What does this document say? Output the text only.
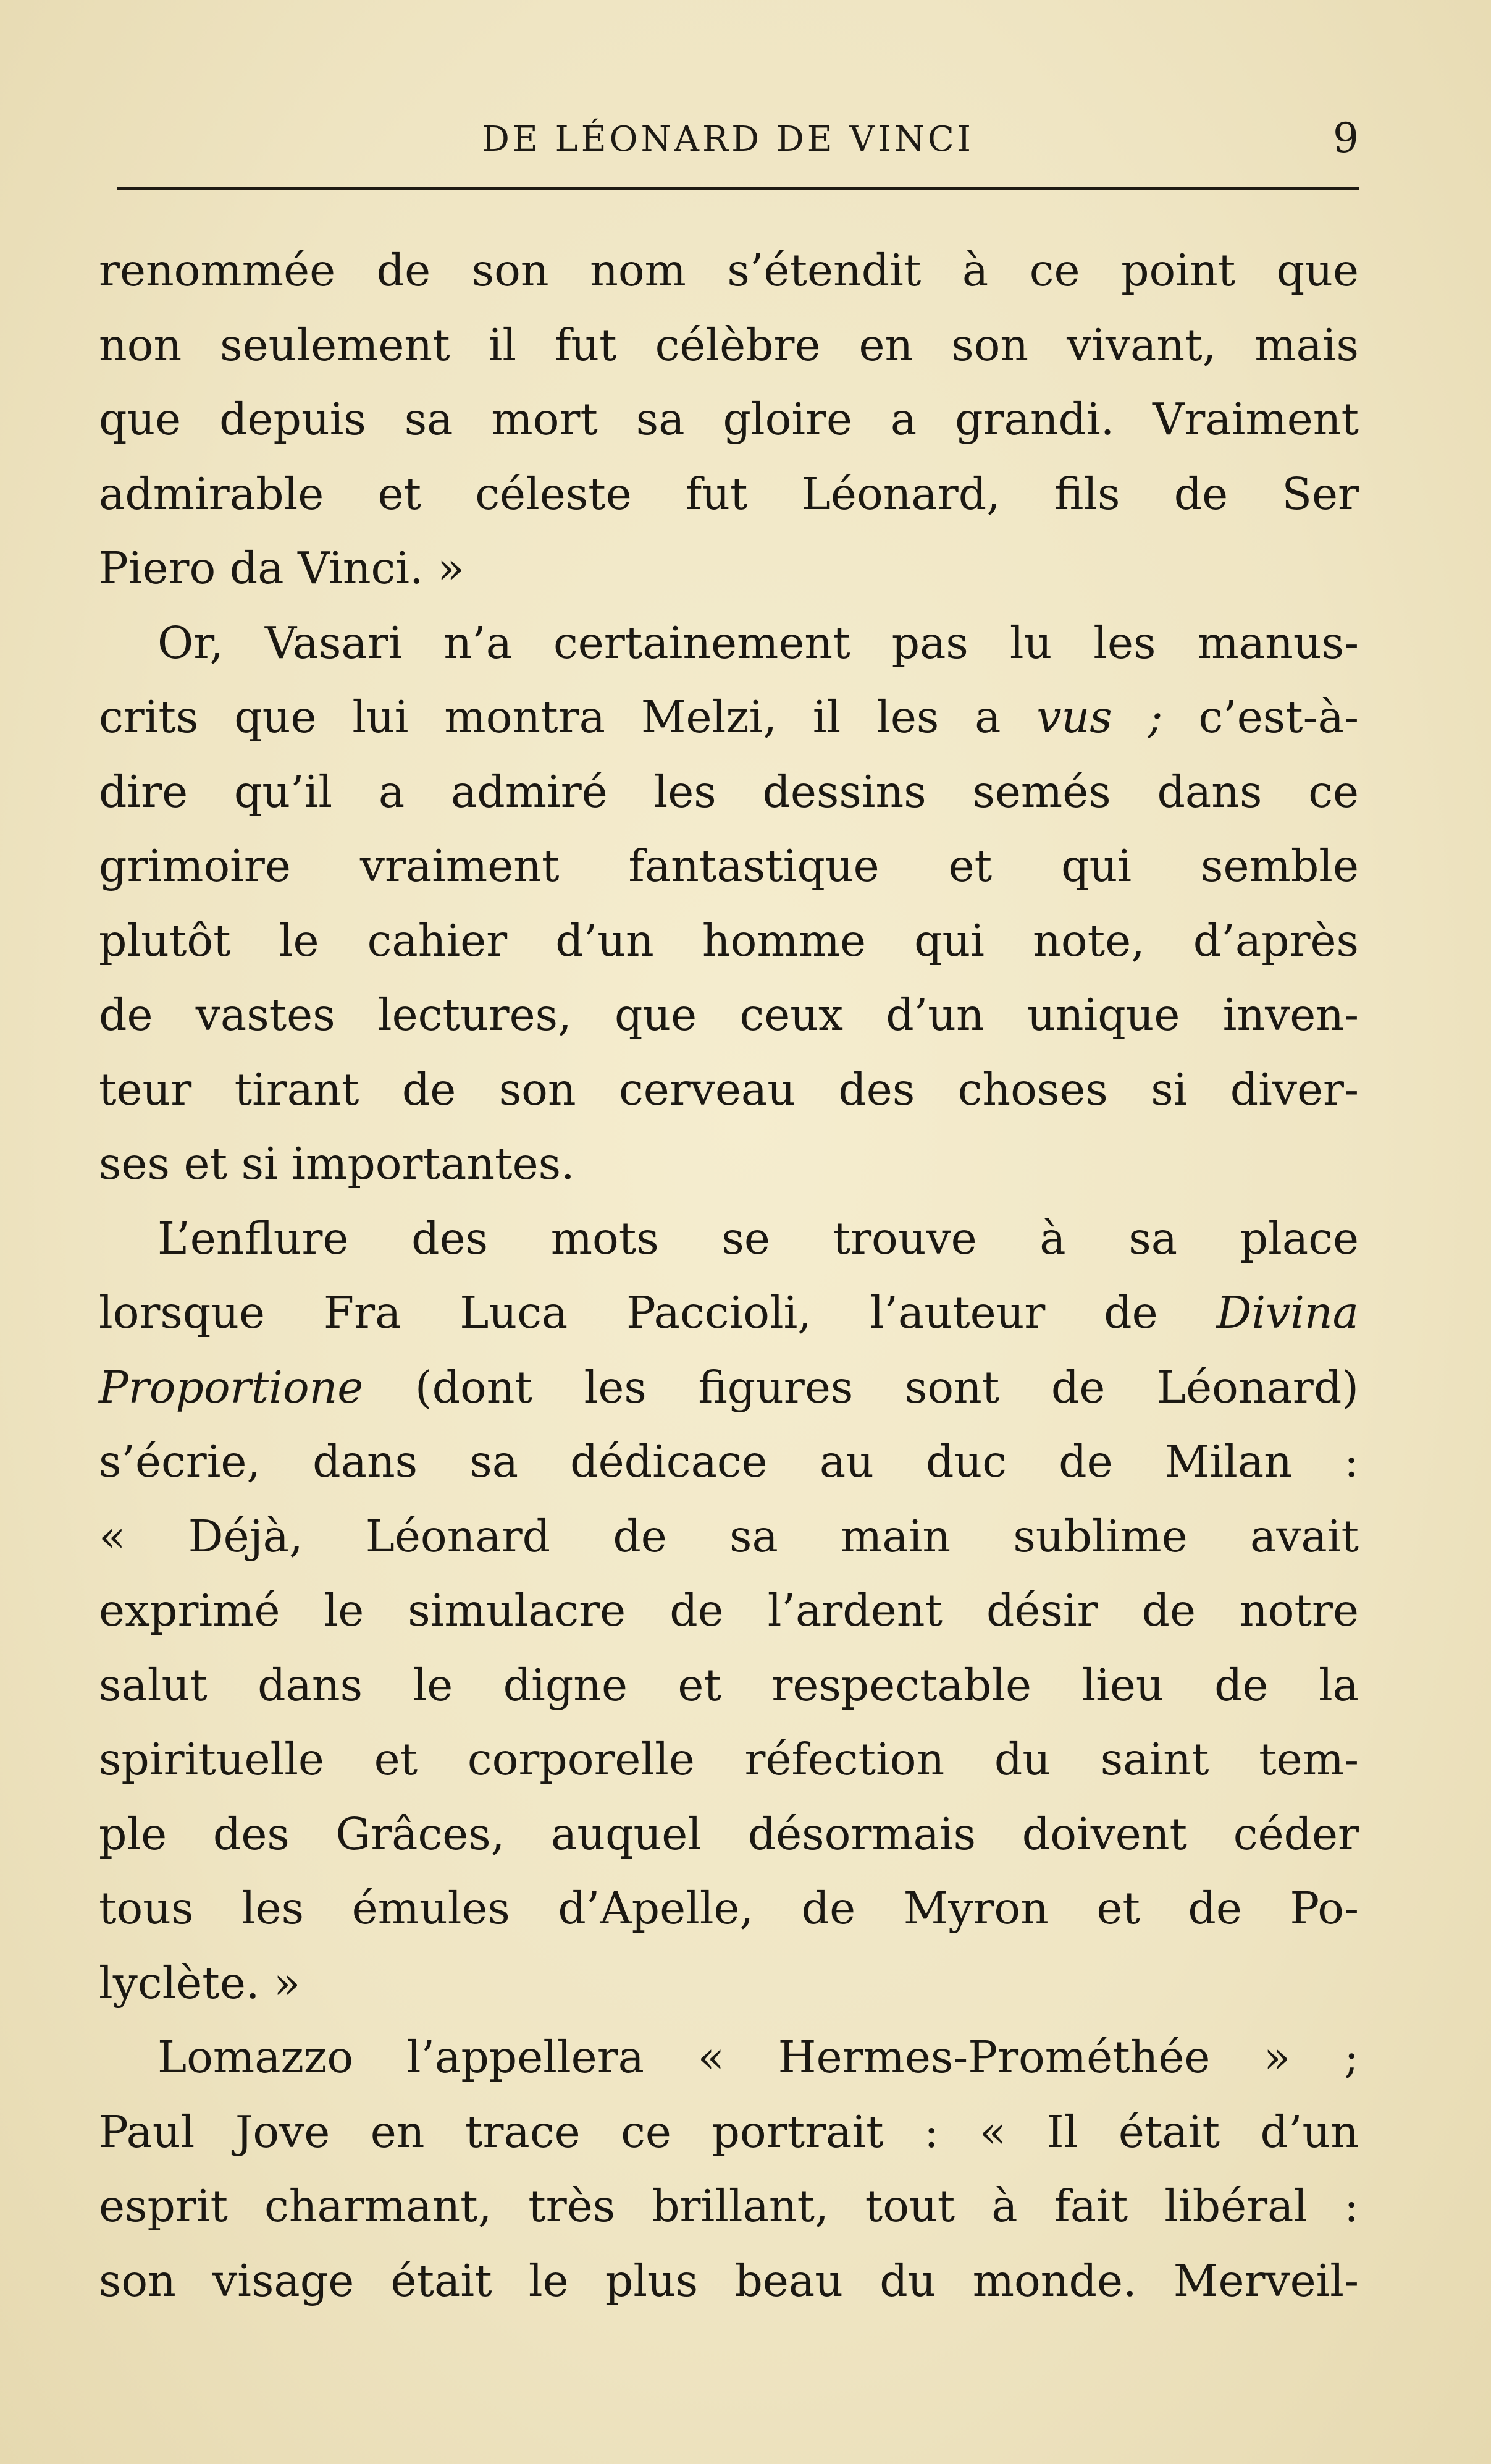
DE LÉONARD DE VINCI	9
renommée de son nom s’étendit à ce point que
non seulement il fut célèbre en son vivant, mais
que depuis sa mort sa gloire a grandi. Vraiment
admirable et céleste fut Léonard, fils de Ser
Piero da Vinci. »
Or, Vasari n’a certainement pas lu les manus-
crits que lui montra Melzi, il les a vus ; c’est-à-
dire qu’il a admiré les dessins semés dans ce
grimoire vraiment fantastique et qui semble
plutôt le cahier d’un homme qui note, d’après
de vastes lectures, que ceux d’un unique inven-
teur tirant de son cerveau des choses si diver-
ses et si importantes.
L’enflure des mots se trouve à sa place
lorsque Fra Luca Paccioli, l’auteur de Divina
Proportione (dont les figures sont de Léonard)
s’écrie, dans sa dédicace au duc de Milan :
« Déjà, Léonard de sa main sublime avait
exprimé le simulacre de l’ardent désir de notre
salut dans le digne et respectable lieu de la
spirituelle et corporelle réfection du saint tem-
ple des Grâces, auquel désormais doivent céder
tous les émules d’Apelle, de Myron et de Po-
lyclète. »
Lomazzo l’appellera « Hermes-Prométhée » ;
Paul Jove en trace ce portrait : « Il était d’un
esprit charmant, très brillant, tout à fait libéral :
son visage était le plus beau du monde. Merveil-
